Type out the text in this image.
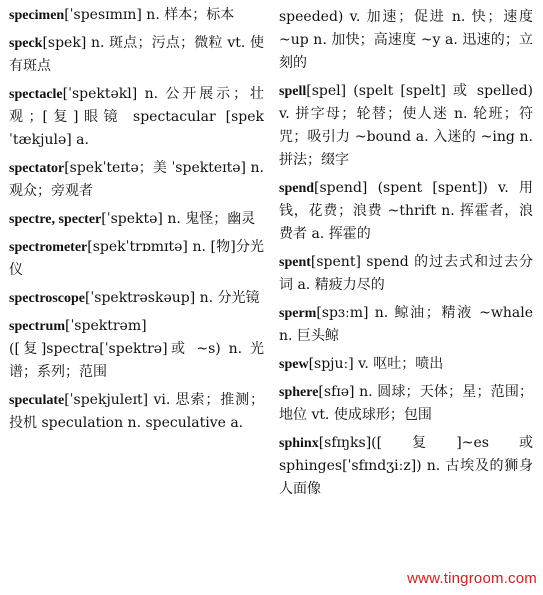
specimen[ˈspesɪmɪn] n. 样本；标本
speck[spek] n. 斑点；污点；微粒 vt. 使有斑点
spectacle[ˈspektəkl] n. 公开展示；壮观；[复]眼镜 spectacular [spekˈtækjulə] a.
spectator[spekˈteɪtə；美 ˈspekteɪtə] n. 观众；旁观者
spectre, specter[ˈspektə] n. 鬼怪；幽灵
spectrometer[spekˈtrɒmɪtə] n. [物]分光仪
spectroscope[ˈspektrəskəup] n. 分光镜
spectrum[ˈspektrəm]([复]spectra[ˈspektrə]或 ~s) n. 光谱；系列；范围
speculate[ˈspekjuleɪt] vi. 思索；推测；投机 speculation n. speculative a.
speeded) v. 加速；促进 n. 快；速度 ~up n. 加快；高速度 ~y a. 迅速的；立刻的
spell[spel] (spelt [spelt] 或 spelled) v. 拼字母；轮替；使人迷 n. 轮班；符咒；吸引力 ~bound a. 入迷的 ~ing n. 拼法；缀字
spend[spend] (spent [spent]) v. 用钱，花费；浪费 ~thrift n. 挥霍者，浪费者 a. 挥霍的
spent[spent] spend 的过去式和过去分词 a. 精疲力尽的
sperm[spɜːm] n. 鲸油；精液 ~whale n. 巨头鲸
spew[spjuː] v. 呕吐；喷出
sphere[sfɪə] n. 圆球；天体；星；范围；地位 vt. 使成球形；包围
sphinx[sfɪŋks]([复]~es或 sphinges[ˈsfɪndʒiːz]) n. 古埃及的狮身人面像
www.tingroom.com
